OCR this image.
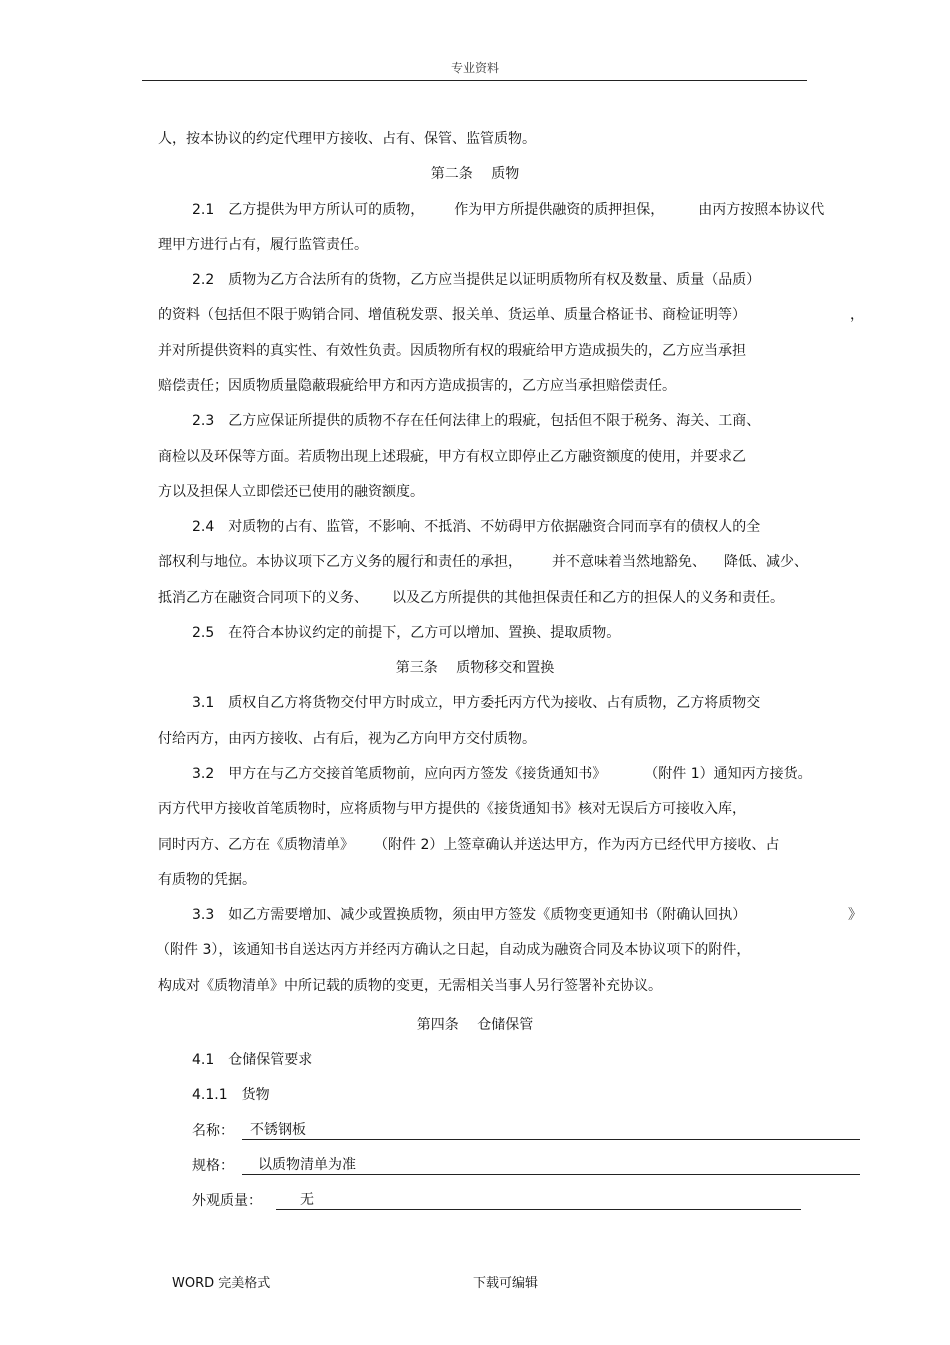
专业资料
人，按本协议的约定代理甲方接收、占有、保管、监管质物。
第二条　 质物
2.1　乙方提供为甲方所认可的质物， 作为甲方所提供融资的质押担保， 由丙方按照本协议代
理甲方进行占有，履行监管责任。
2.2　质物为乙方合法所有的货物，乙方应当提供足以证明质物所有权及数量、质量（品质）
的资料（包括但不限于购销合同、增值税发票、报关单、货运单、质量合格证书、商检证明等）	，
并对所提供资料的真实性、有效性负责。因质物所有权的瑕疵给甲方造成损失的，乙方应当承担
赔偿责任；因质物质量隐蔽瑕疵给甲方和丙方造成损害的，乙方应当承担赔偿责任。
2.3　乙方应保证所提供的质物不存在任何法律上的瑕疵，包括但不限于税务、海关、工商、
商检以及环保等方面。若质物出现上述瑕疵，甲方有权立即停止乙方融资额度的使用，并要求乙
方以及担保人立即偿还已使用的融资额度。
2.4　对质物的占有、监管，不影响、不抵消、不妨碍甲方依据融资合同而享有的债权人的全
部权利与地位。本协议项下乙方义务的履行和责任的承担， 并不意味着当然地豁免、 降低、减少、
抵消乙方在融资合同项下的义务、 以及乙方所提供的其他担保责任和乙方的担保人的义务和责任。
2.5　在符合本协议约定的前提下，乙方可以增加、置换、提取质物。
第三条　 质物移交和置换
3.1　质权自乙方将货物交付甲方时成立，甲方委托丙方代为接收、占有质物，乙方将质物交
付给丙方，由丙方接收、占有后，视为乙方向甲方交付质物。
3.2　甲方在与乙方交接首笔质物前，应向丙方签发《接货通知书》	（附件 1）通知丙方接货。
丙方代甲方接收首笔质物时，应将质物与甲方提供的《接货通知书》核对无误后方可接收入库，
同时丙方、乙方在《质物清单》 （附件 2）上签章确认并送达甲方，作为丙方已经代甲方接收、占
有质物的凭据。
3.3　如乙方需要增加、减少或置换质物，须由甲方签发《质物变更通知书（附确认回执）	》
（附件 3），该通知书自送达丙方并经丙方确认之日起，自动成为融资合同及本协议项下的附件，
构成对《质物清单》中所记载的质物的变更，无需相关当事人另行签署补充协议。
第四条　 仓储保管
4.1　仓储保管要求
4.1.1　货物
名称：	不锈钢板
规格：	以质物清单为准
外观质量：	无
WORD 完美格式	下载可编辑
